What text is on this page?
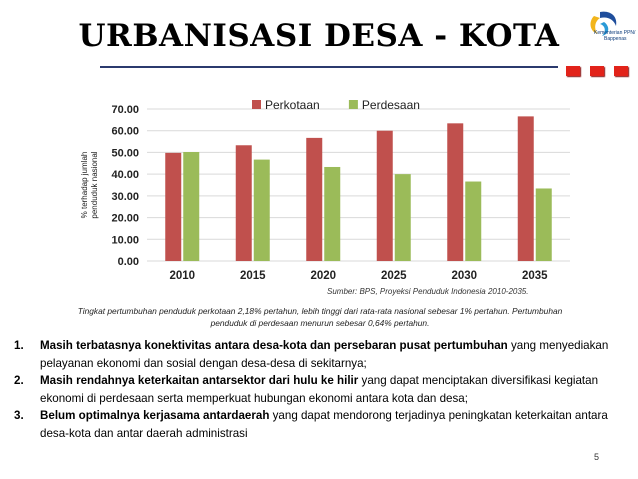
URBANISASI DESA - KOTA	Kementerian PPN/
Bappenas
0.00
10.00
20.00
30.00
40.00
50.00
60.00
70.00
% terhadap jumlah penduduk nasional
2010	2015	2020	2025	2030	2035
Perkotaan	Perdesaan
Sumber: BPS, Proyeksi Penduduk Indonesia 2010-2035.
Tingkat pertumbuhan penduduk perkotaan 2,18% pertahun, lebih tinggi dari rata-rata nasional sebesar 1% pertahun. Pertumbuhan
penduduk di perdesaan menurun sebesar 0,64% pertahun.
1. Masih terbatasnya konektivitas antara desa-kota dan persebaran pusat pertumbuhan yang menyediakan pelayanan ekonomi dan sosial dengan desa-desa di sekitarnya;
2. Masih rendahnya keterkaitan antarsektor dari hulu ke hilir yang dapat menciptakan diversifikasi kegiatan ekonomi di perdesaan serta memperkuat hubungan ekonomi antara kota dan desa;
3. Belum optimalnya kerjasama antardaerah yang dapat mendorong terjadinya peningkatan keterkaitan antara desa-kota dan antar daerah administrasi
5
